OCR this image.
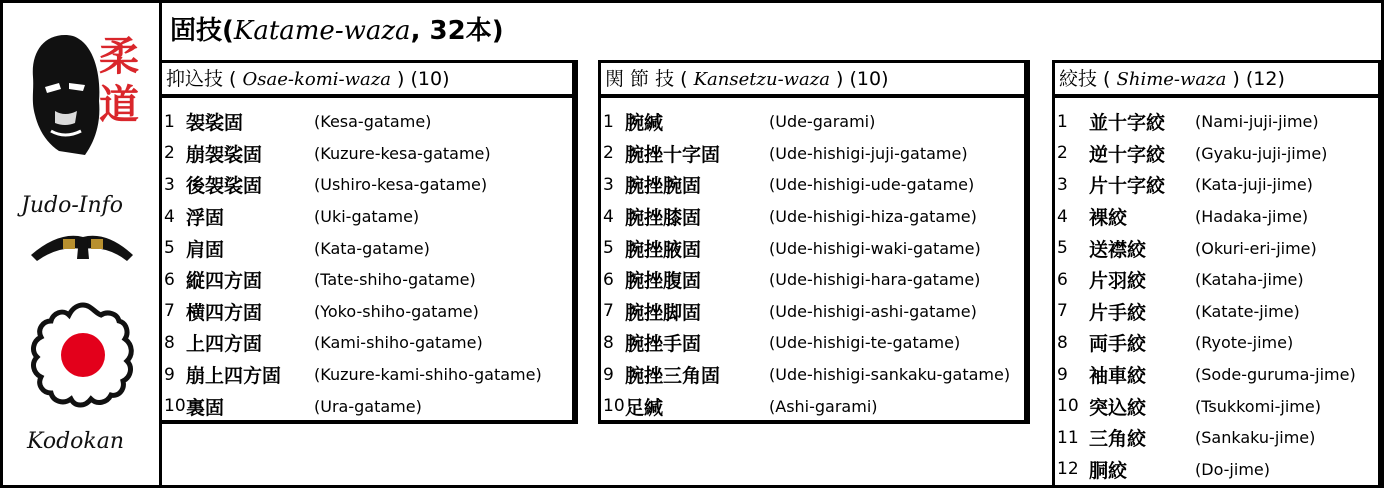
柔
道
Judo-Info
Kodokan
固技(Katame-waza, 32本)
抑込技 ( Osae-komi-waza ) (10)
1 袈裟固	(Kesa-gatame)
2 崩袈裟固	(Kuzure-kesa-gatame)
3 後袈裟固	(Ushiro-kesa-gatame)
4 浮固	(Uki-gatame)
5 肩固	(Kata-gatame)
6 縦四方固	(Tate-shiho-gatame)
7 横四方固	(Yoko-shiho-gatame)
8 上四方固	(Kami-shiho-gatame)
9 崩上四方固 (Kuzure-kami-shiho-gatame)
10 裏固	(Ura-gatame)
関 節 技 ( Kansetzu-waza ) (10)
1 腕緘	(Ude-garami)
2 腕挫十字固	(Ude-hishigi-juji-gatame)
3 腕挫腕固	(Ude-hishigi-ude-gatame)
4 腕挫膝固	(Ude-hishigi-hiza-gatame)
5 腕挫腋固	(Ude-hishigi-waki-gatame)
6 腕挫腹固	(Ude-hishigi-hara-gatame)
7 腕挫脚固	(Ude-hishigi-ashi-gatame)
8 腕挫手固	(Ude-hishigi-te-gatame)
9 腕挫三角固	(Ude-hishigi-sankaku-gatame)
10 足緘	(Ashi-garami)
絞技 ( Shime-waza ) (12)
1	並十字絞 (Nami-juji-jime)
2	逆十字絞 (Gyaku-juji-jime)
3	片十字絞 (Kata-juji-jime)
4	裸絞	(Hadaka-jime)
5	送襟絞	(Okuri-eri-jime)
6	片羽絞	(Kataha-jime)
7	片手絞	(Katate-jime)
8	両手絞	(Ryote-jime)
9	袖車絞	(Sode-guruma-jime)
10 突込絞	(Tsukkomi-jime)
11 三角絞	(Sankaku-jime)
12 胴絞	(Do-jime)
